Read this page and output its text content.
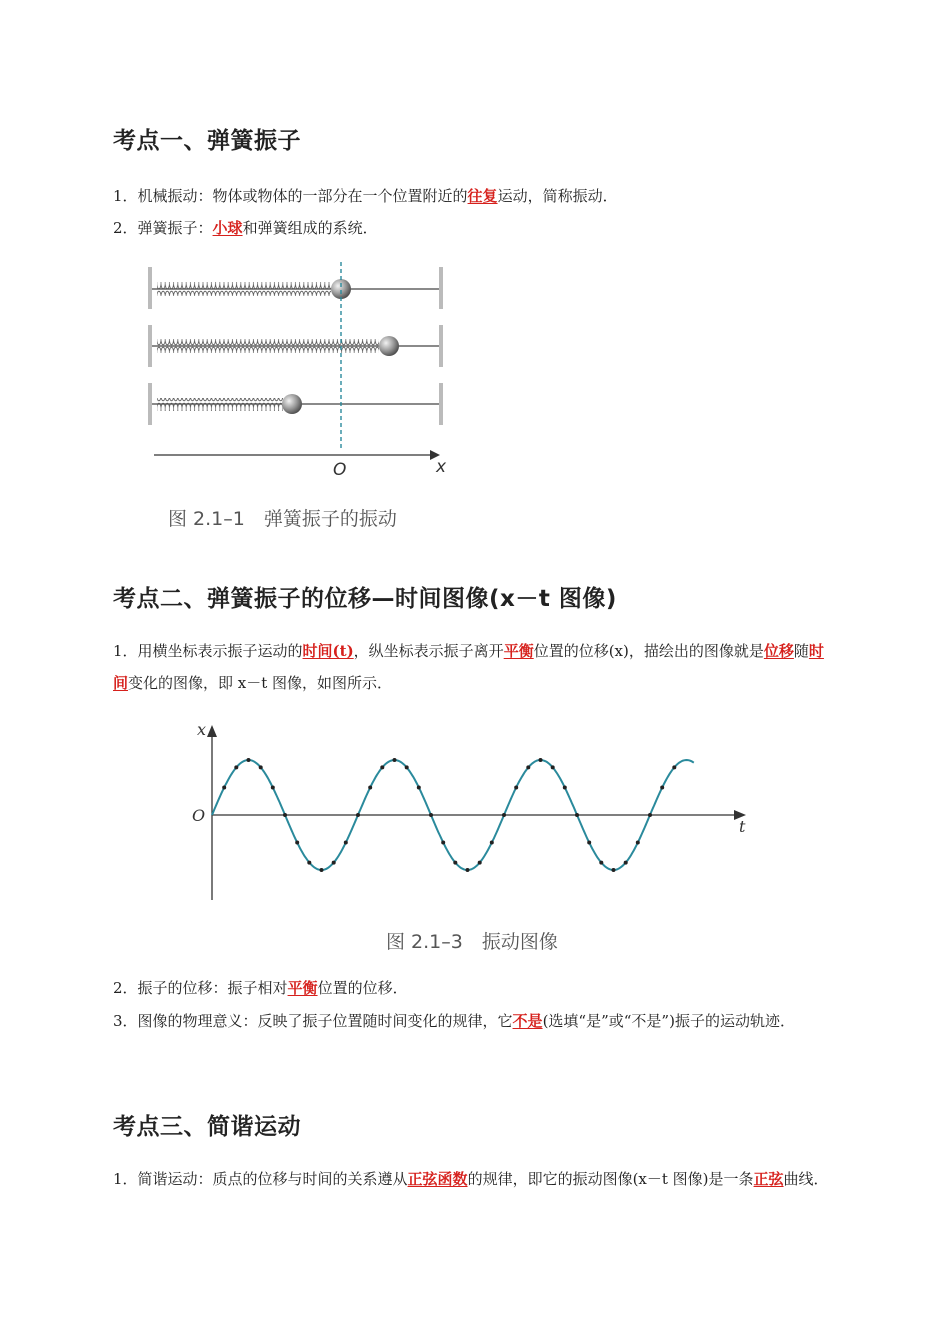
考点一、弹簧振子

1．机械振动：物体或物体的一部分在一个位置附近的往复运动，简称振动．

2．弹簧振子：小球和弹簧组成的系统．

O	x
图 2.1–1　弹簧振子的振动
考点二、弹簧振子的位移—时间图像(x－t 图像)

1．用横坐标表示振子运动的时间(t)，纵坐标表示振子离开平衡位置的位移(x)，描绘出的图像就是位移随时间变化的图像，即 x－t 图像，如图所示．

x
t
O
图 2.1–3　振动图像

2．振子的位移：振子相对平衡位置的位移．

3．图像的物理意义：反映了振子位置随时间变化的规律，它不是(选填“是”或“不是”)振子的运动轨迹．

考点三、简谐运动

1．简谐运动：质点的位移与时间的关系遵从正弦函数的规律，即它的振动图像(x－t 图像)是一条正弦曲线．
